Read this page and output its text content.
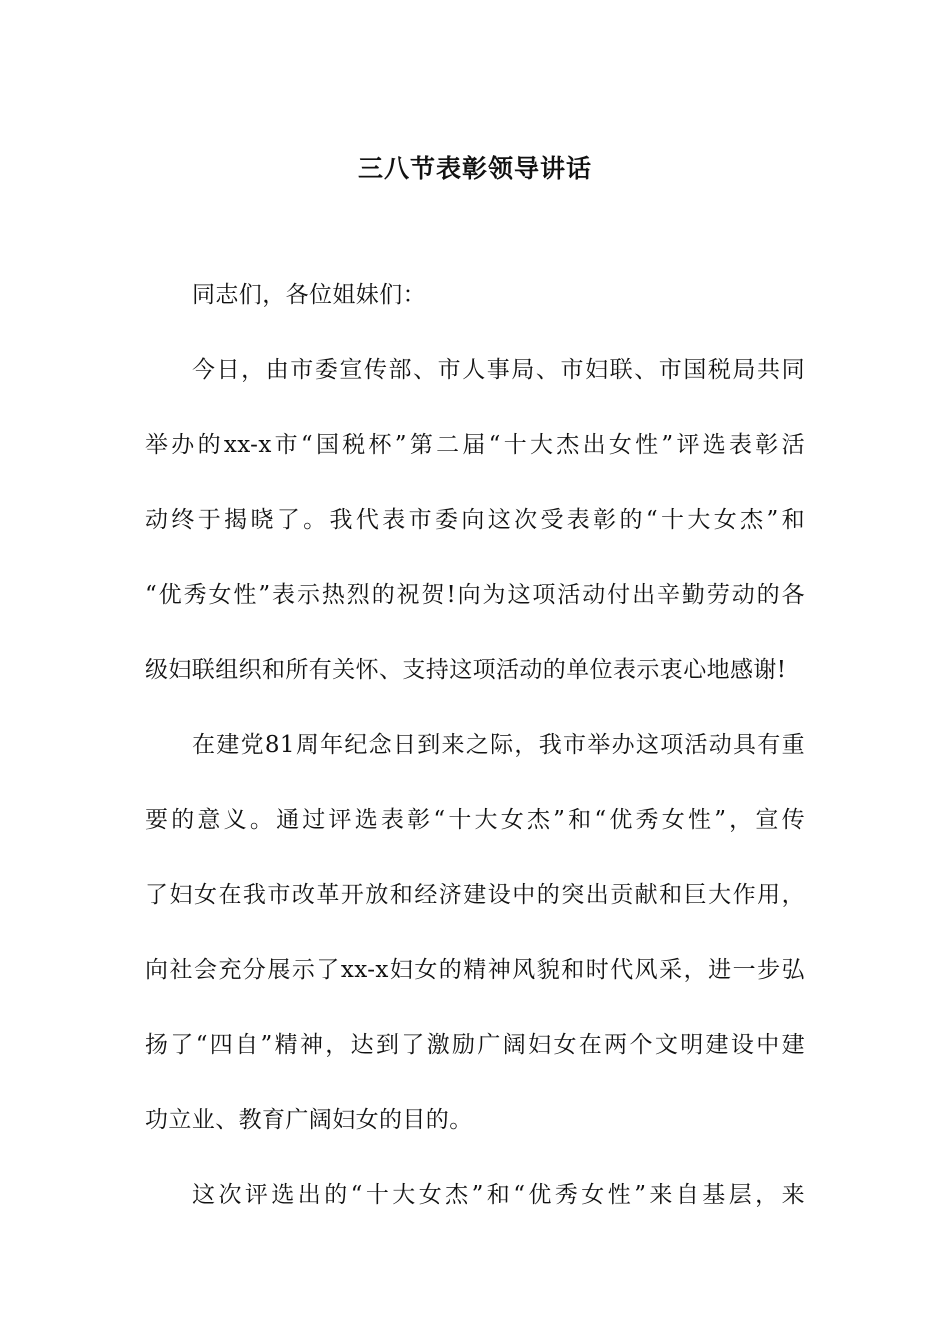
三八节表彰领导讲话
同志们，各位姐妹们：
今日，由市委宣传部、市人事局、市妇联、市国税局共同
举办的xx-x市“国税杯”第二届“十大杰出女性”评选表彰活
动终于揭晓了。我代表市委向这次受表彰的“十大女杰”和
“优秀女性”表示热烈的祝贺!向为这项活动付出辛勤劳动的各
级妇联组织和所有关怀、支持这项活动的单位表示衷心地感谢!
在建党81周年纪念日到来之际，我市举办这项活动具有重
要的意义。通过评选表彰“十大女杰”和“优秀女性”，宣传
了妇女在我市改革开放和经济建设中的突出贡献和巨大作用，
向社会充分展示了xx-x妇女的精神风貌和时代风采，进一步弘
扬了“四自”精神，达到了激励广阔妇女在两个文明建设中建
功立业、教育广阔妇女的目的。
这次评选出的“十大女杰”和“优秀女性”来自基层，来
